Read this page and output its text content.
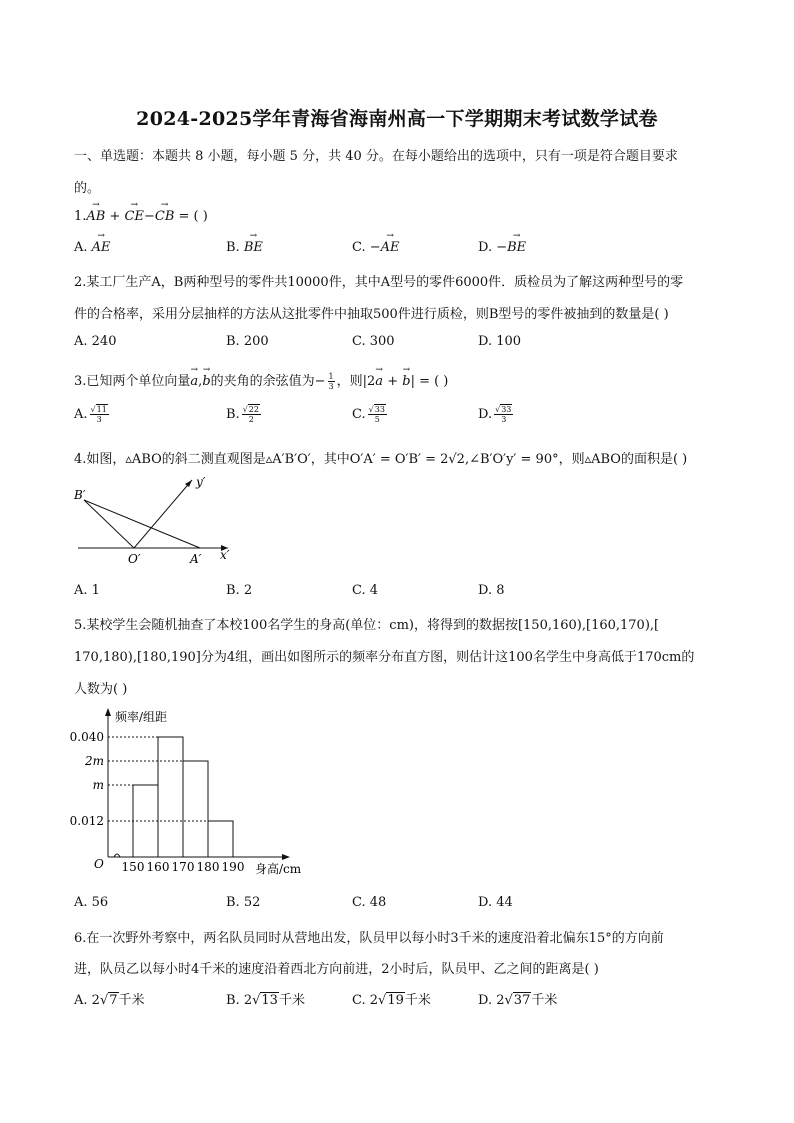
2024-2025学年青海省海南州高一下学期期末考试数学试卷
一、单选题：本题共 8 小题，每小题 5 分，共 40 分。在每小题给出的选项中，只有一项是符合题目要求
的。
1.→ AB + → CE−→ CB = ( )
A. → AE	B. → BE	C. −→ AE	D. −→ BE
2.某工厂生产A，B两种型号的零件共10000件，其中A型号的零件6000件．质检员为了解这两种型号的零
件的合格率，采用分层抽样的方法从这批零件中抽取500件进行质检，则B型号的零件被抽到的数量是( )
A. 240	B. 200	C. 300	D. 100
3.已知两个单位向量→ a,→ b的夹角的余弦值为− $\frac{1}{3}$ ，则|2→ a + → b| = ( )
A. $\frac{√11}{3}$	B. $\frac{√22}{2}$	C. $\frac{√33}{5}$	D. $\frac{√33}{3}$
4.如图，▵ABO的斜二测直观图是▵A′B′O′，其中O′A′ = O′B′ = 2√2,∠B′O′y′ = 90°，则▵ABO的面积是( )
B′
y′
O′	A′ x′
A. 1	B. 2	C. 4	D. 8
5.某校学生会随机抽查了本校100名学生的身高(单位：cm)，将得到的数据按[150,160),[160,170),[
170,180),[180,190]分为4组，画出如图所示的频率分布直方图，则估计这100名学生中身高低于170cm的
人数为( )
频率/组距
身高/cm
O
m
0.040
2m
0.012
150 160 170 180 190
A. 56	B. 52	C. 48	D. 44
6.在一次野外考察中，两名队员同时从营地出发，队员甲以每小时3千米的速度沿着北偏东15°的方向前
进，队员乙以每小时4千米的速度沿着西北方向前进，2小时后，队员甲、乙之间的距离是( )
A. 2√7千米	B. 2√13千米	C. 2√19千米	D. 2√37千米
